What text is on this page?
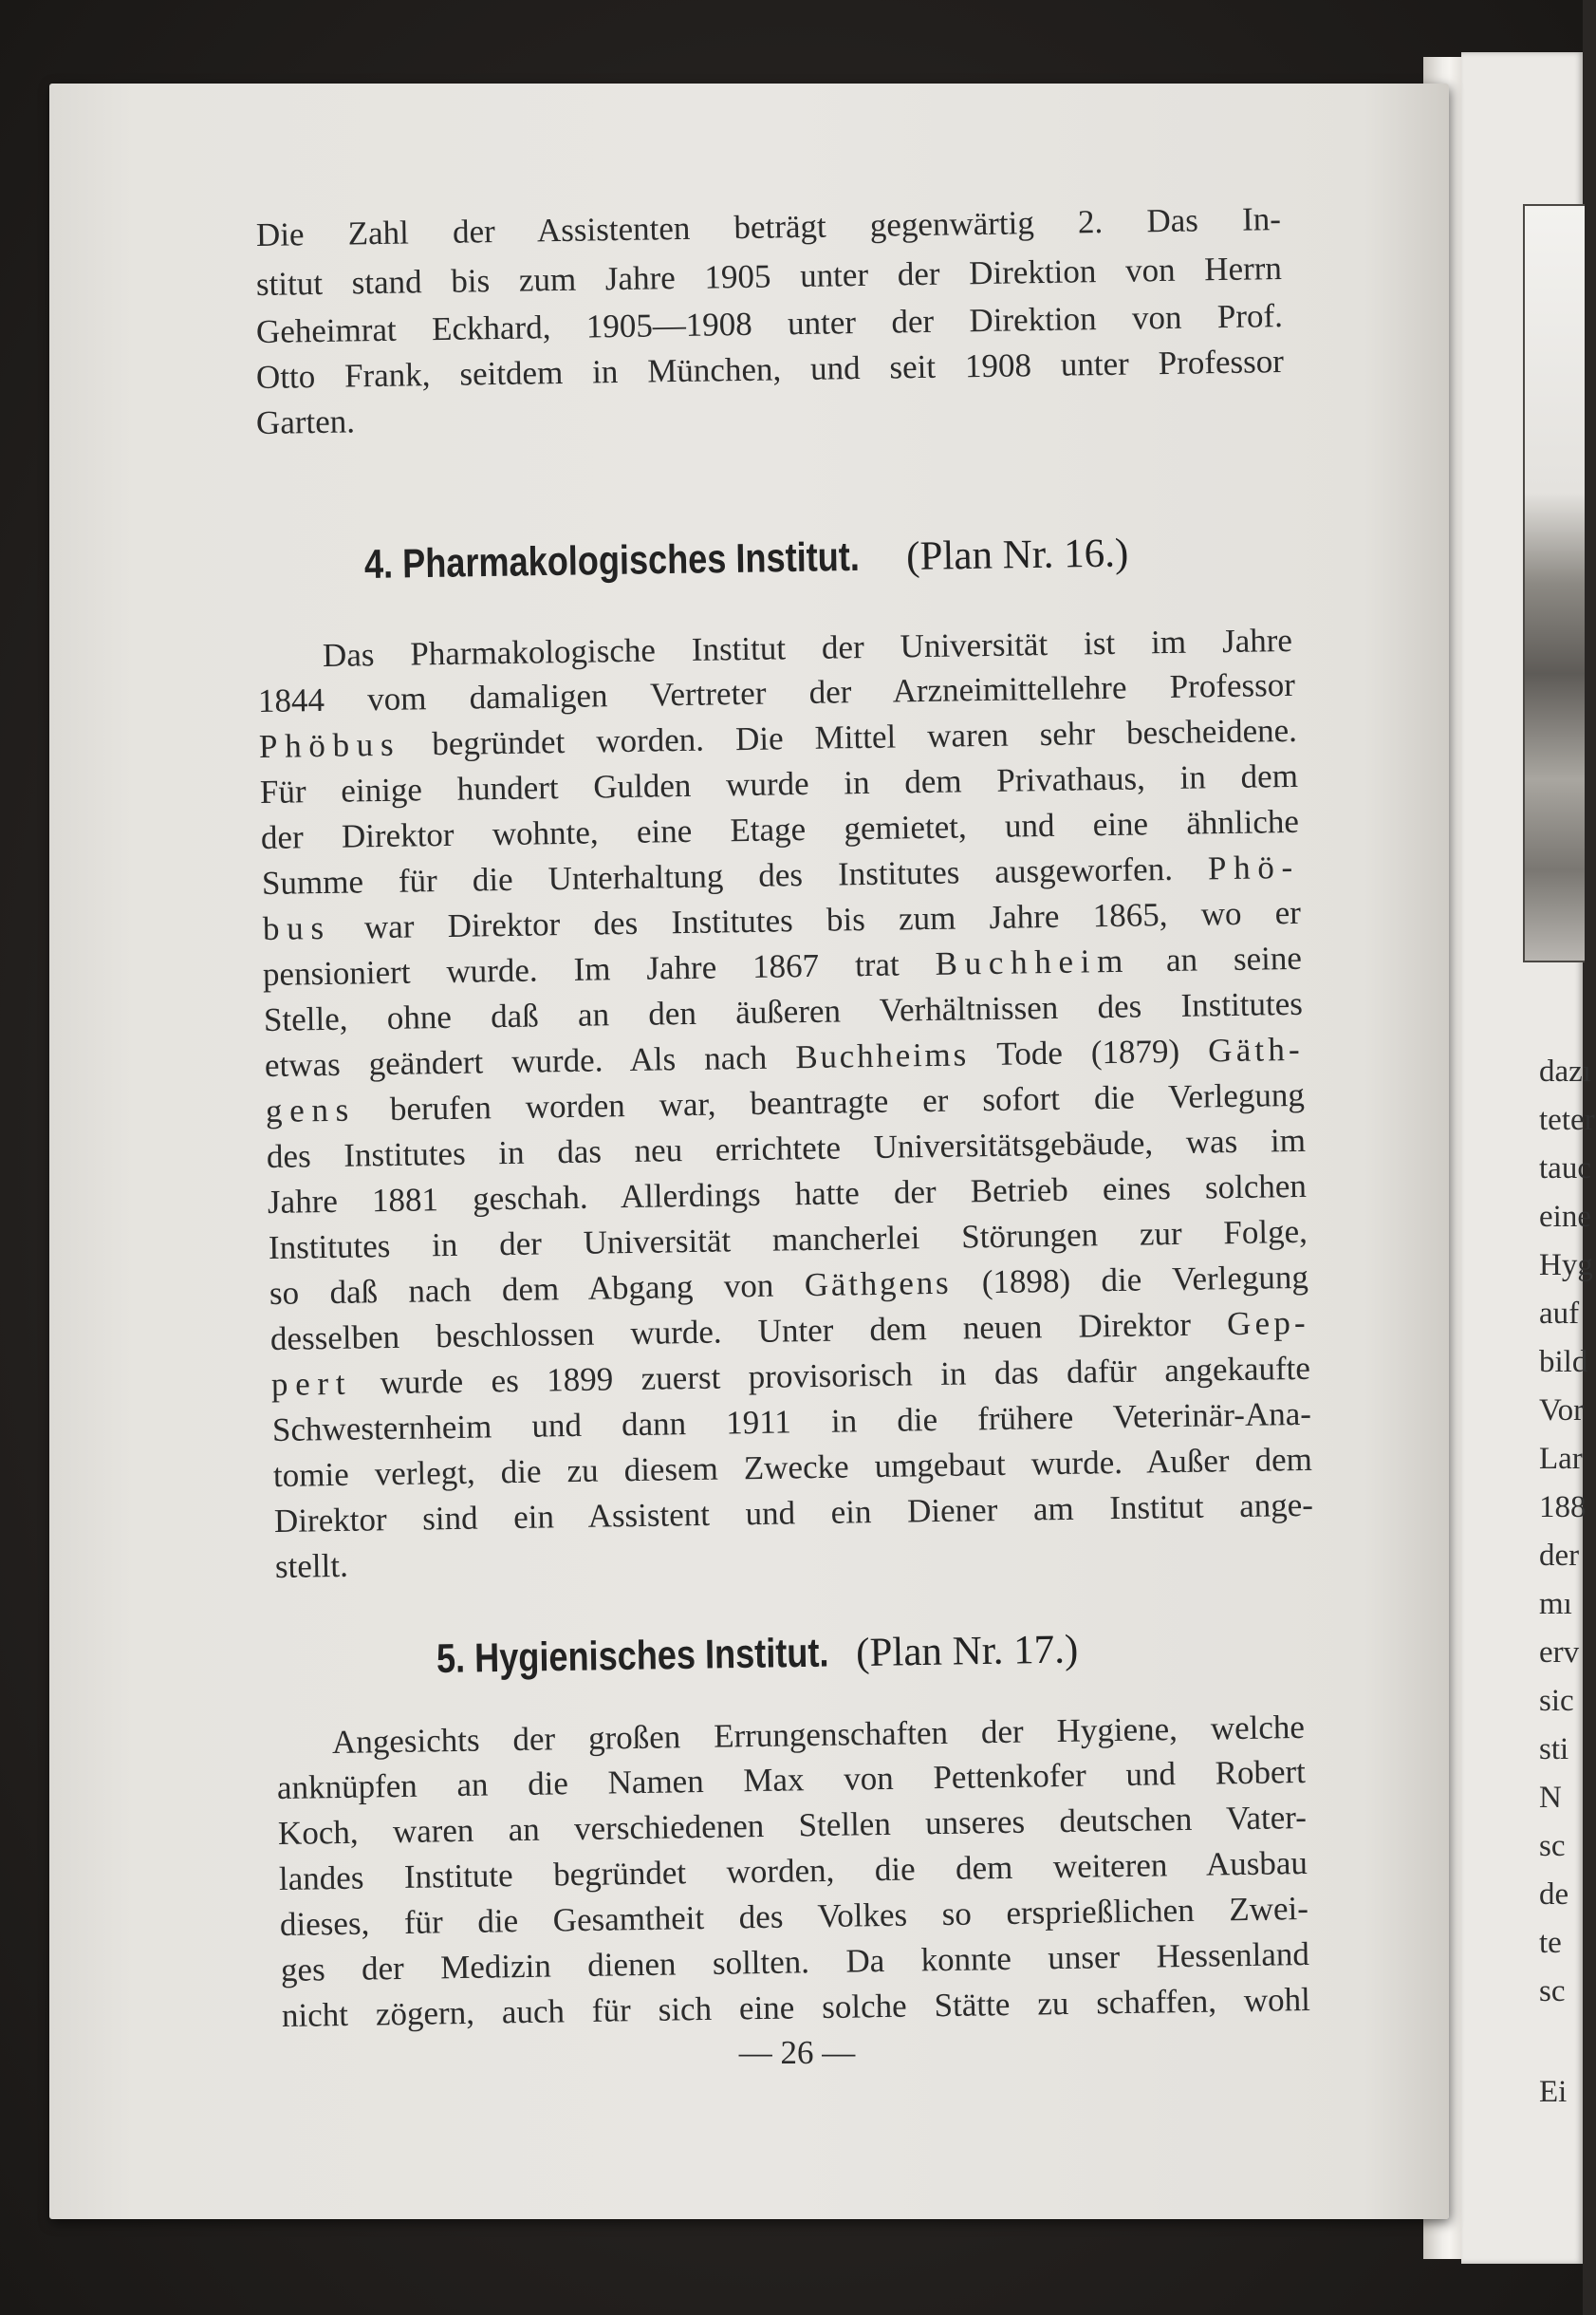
dazı
teter
tauc
eine
Hyg
auf
bild
Vor
Lar
188
der
mı
erv
sic
sti
N
sc
de
te
sc
Ei
Die Zahl der Assistenten beträgt gegenwärtig 2. Das In-
stitut stand bis zum Jahre 1905 unter der Direktion von Herrn
Geheimrat Eckhard, 1905—1908 unter der Direktion von Prof.
Otto Frank, seitdem in München, und seit 1908 unter Professor
Garten.
4. Pharmakologisches Institut. (Plan Nr. 16.)
Das Pharmakologische Institut der Universität ist im Jahre
1844 vom damaligen Vertreter der Arzneimittellehre Professor
Phöbus begründet worden. Die Mittel waren sehr bescheidene.
Für einige hundert Gulden wurde in dem Privathaus, in dem
der Direktor wohnte, eine Etage gemietet, und eine ähnliche
Summe für die Unterhaltung des Institutes ausgeworfen. Phö-
bus war Direktor des Institutes bis zum Jahre 1865, wo er
pensioniert wurde. Im Jahre 1867 trat Buchheim an seine
Stelle, ohne daß an den äußeren Verhältnissen des Institutes
etwas geändert wurde. Als nach Buchheims Tode (1879) Gäth-
gens berufen worden war, beantragte er sofort die Verlegung
des Institutes in das neu errichtete Universitätsgebäude, was im
Jahre 1881 geschah. Allerdings hatte der Betrieb eines solchen
Institutes in der Universität mancherlei Störungen zur Folge,
so daß nach dem Abgang von Gäthgens (1898) die Verlegung
desselben beschlossen wurde. Unter dem neuen Direktor Gep-
pert wurde es 1899 zuerst provisorisch in das dafür angekaufte
Schwesternheim und dann 1911 in die frühere Veterinär-Ana-
tomie verlegt, die zu diesem Zwecke umgebaut wurde. Außer dem
Direktor sind ein Assistent und ein Diener am Institut ange-
stellt.
5. Hygienisches Institut. (Plan Nr. 17.)
Angesichts der großen Errungenschaften der Hygiene, welche
anknüpfen an die Namen Max von Pettenkofer und Robert
Koch, waren an verschiedenen Stellen unseres deutschen Vater-
landes Institute begründet worden, die dem weiteren Ausbau
dieses, für die Gesamtheit des Volkes so ersprießlichen Zwei-
ges der Medizin dienen sollten. Da konnte unser Hessenland
nicht zögern, auch für sich eine solche Stätte zu schaffen, wohl
— 26 —
